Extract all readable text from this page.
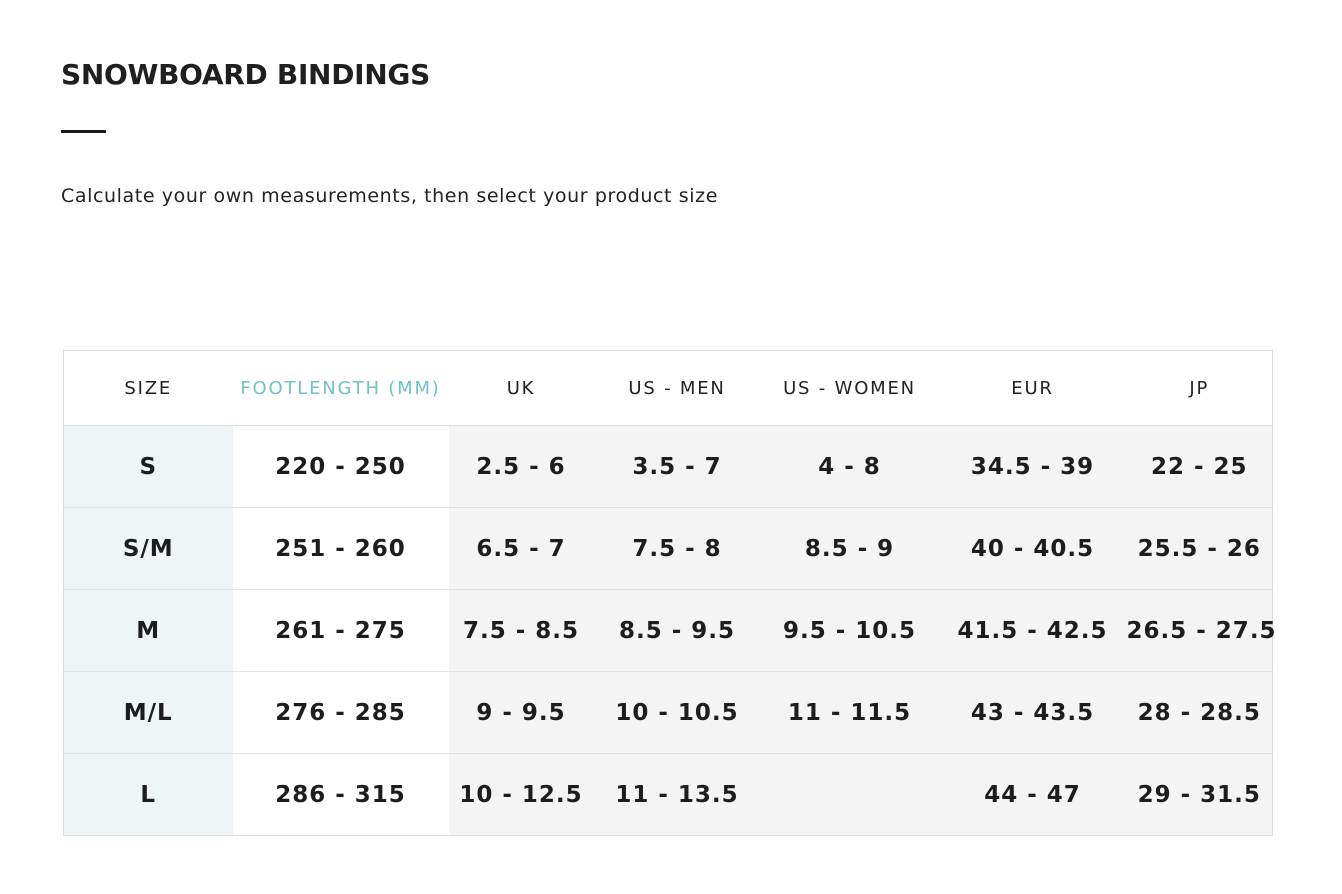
SNOWBOARD BINDINGS

Calculate your own measurements, then select your product size

SIZE	FOOTLENGTH (MM)	UK	US - MEN	US - WOMEN	EUR	JP
S	220 - 250	2.5 - 6	3.5 - 7	4 - 8	34.5 - 39	22 - 25
S/M	251 - 260	6.5 - 7	7.5 - 8	8.5 - 9	40 - 40.5	25.5 - 26
M	261 - 275	7.5 - 8.5	8.5 - 9.5	9.5 - 10.5	41.5 - 42.5	26.5 - 27.5
M/L	276 - 285	9 - 9.5	10 - 10.5	11 - 11.5	43 - 43.5	28 - 28.5
L	286 - 315	10 - 12.5	11 - 13.5		44 - 47	29 - 31.5
